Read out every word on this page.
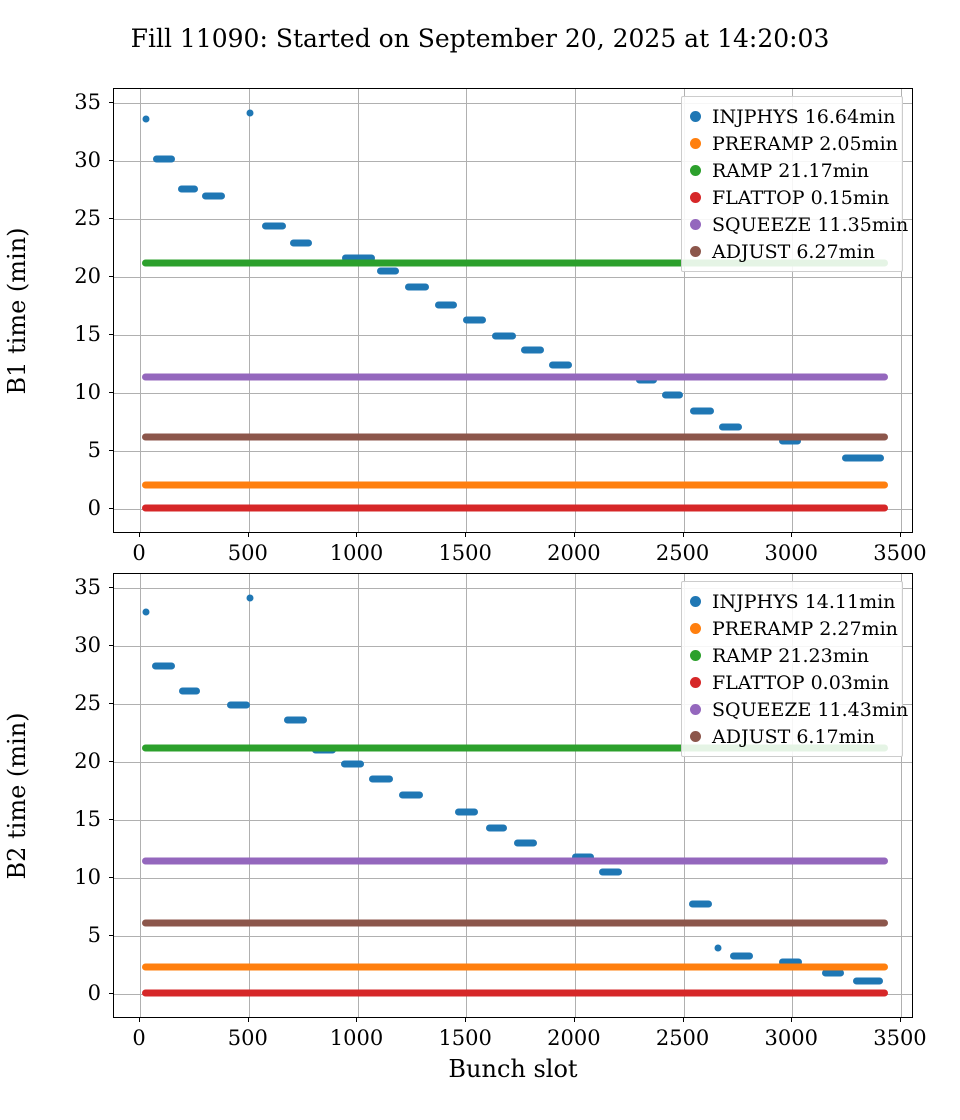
Fill 11090: Started on September 20, 2025 at 14:20:03
0
5
10
15
20
25
30
35
0	500	1000	1500	2000	2500	3000	3500
B1 time (min)
INJPHYS 16.64min
PRERAMP 2.05min
RAMP 21.17min
FLATTOP 0.15min
SQUEEZE 11.35min
ADJUST 6.27min
0
5
10
15
20
25
30
35
0	500	1000	1500	2000	2500	3000	3500
B2 time (min)
Bunch slot
INJPHYS 14.11min
PRERAMP 2.27min
RAMP 21.23min
FLATTOP 0.03min
SQUEEZE 11.43min
ADJUST 6.17min
